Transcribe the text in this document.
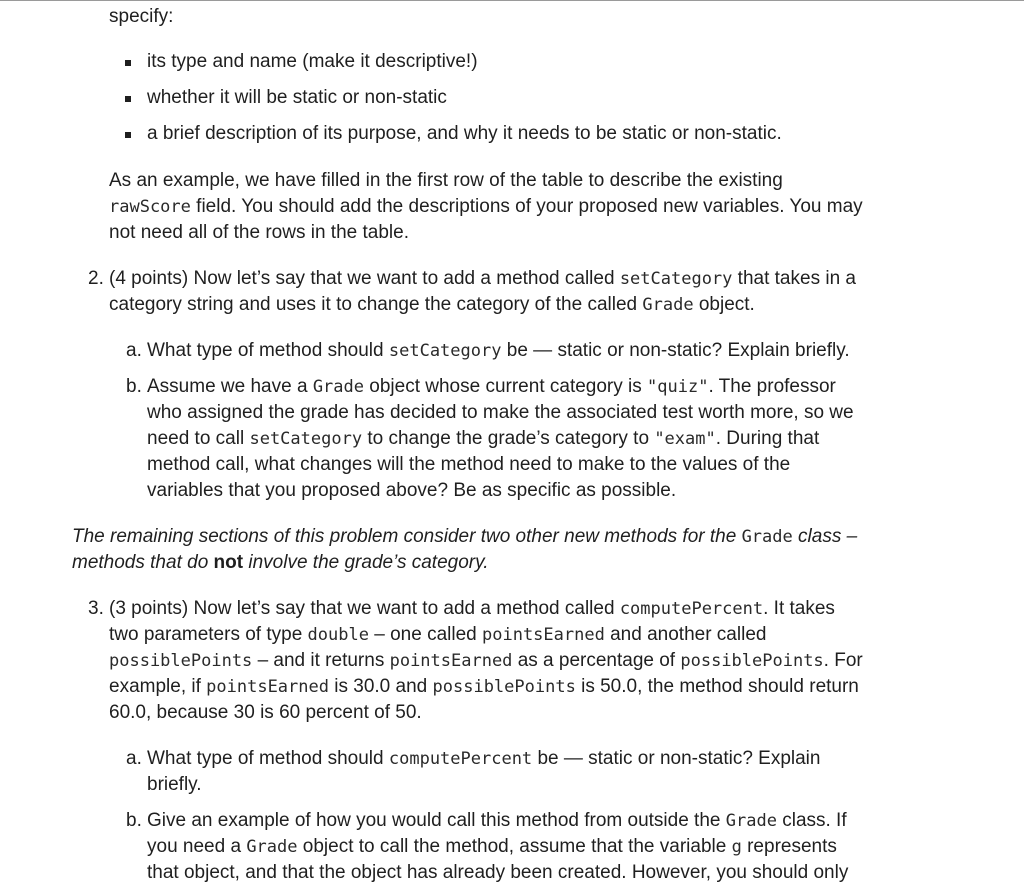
specify:

its type and name (make it descriptive!)
whether it will be static or non-static
a brief description of its purpose, and why it needs to be static or non-static.

As an example, we have filled in the first row of the table to describe the existing
rawScore field. You should add the descriptions of your proposed new variables. You may
not need all of the rows in the table.

2. (4 points) Now let’s say that we want to add a method called setCategory that takes in a
category string and uses it to change the category of the called Grade object.

a. What type of method should setCategory be — static or non-static? Explain briefly.

b. Assume we have a Grade object whose current category is "quiz". The professor
who assigned the grade has decided to make the associated test worth more, so we
need to call setCategory to change the grade’s category to "exam". During that
method call, what changes will the method need to make to the values of the
variables that you proposed above? Be as specific as possible.

The remaining sections of this problem consider two other new methods for the Grade class –
methods that do not involve the grade’s category.

3. (3 points) Now let’s say that we want to add a method called computePercent. It takes
two parameters of type double – one called pointsEarned and another called
possiblePoints – and it returns pointsEarned as a percentage of possiblePoints. For
example, if pointsEarned is 30.0 and possiblePoints is 50.0, the method should return
60.0, because 30 is 60 percent of 50.

a. What type of method should computePercent be — static or non-static? Explain
briefly.

b. Give an example of how you would call this method from outside the Grade class. If
you need a Grade object to call the method, assume that the variable g represents
that object, and that the object has already been created. However, you should only
